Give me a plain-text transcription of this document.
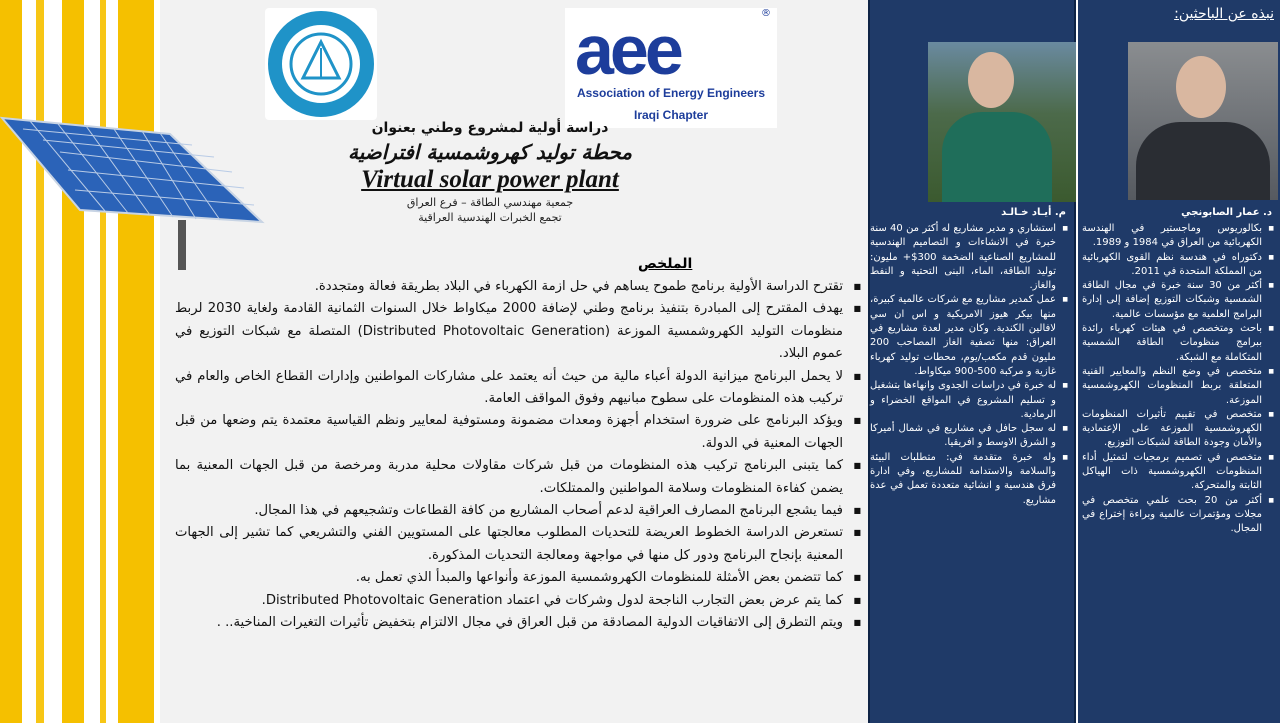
aee	®
Association of Energy Engineers
Iraqi Chapter
دراسة أولية لمشروع وطني بعنوان
محطة توليد كهروشمسية افتراضية
Virtual solar power plant
جمعية مهندسي الطاقة – فرع العراق
تجمع الخبرات الهندسية العراقية
الملخص
■ تقترح الدراسة الأولية برنامج طموح يساهم في حل ازمة الكهرباء في البلاد بطريقة فعالة ومتجددة.
■ يهدف المقترح إلى المبادرة بتنفيذ برنامج وطني لإضافة 2000 ميكاواط خلال السنوات الثمانية القادمة ولغاية 2030 لربط منظومات التوليد الكهروشمسية الموزعة (Distributed Photovoltaic Generation) المتصلة مع شبكات التوزيع في عموم البلاد.
■ لا يحمل البرنامج ميزانية الدولة أعباء مالية من حيث أنه يعتمد على مشاركات المواطنين وإدارات القطاع الخاص والعام في تركيب هذه المنظومات على سطوح مبانيهم وفوق المواقف العامة.
■ ويؤكد البرنامج على ضرورة استخدام أجهزة ومعدات مضمونة ومستوفية لمعايير ونظم القياسية معتمدة يتم وضعها من قبل الجهات المعنية في الدولة.
■ كما يتبنى البرنامج تركيب هذه المنظومات من قبل شركات مقاولات محلية مدربة ومرخصة من قبل الجهات المعنية بما يضمن كفاءة المنظومات وسلامة المواطنين والممتلكات.
■ فيما يشجع البرنامج المصارف العراقية لدعم أصحاب المشاريع من كافة القطاعات وتشجيعهم في هذا المجال.
■ تستعرض الدراسة الخطوط العريضة للتحديات المطلوب معالجتها على المستويين الفني والتشريعي كما تشير إلى الجهات المعنية بإنجاح البرنامج ودور كل منها في مواجهة ومعالجة التحديات المذكورة.
■ كما تتضمن بعض الأمثلة للمنظومات الكهروشمسية الموزعة وأنواعها والمبدأ الذي تعمل به.
■ كما يتم عرض بعض التجارب الناجحة لدول وشركات في اعتماد Distributed Photovoltaic Generation.
■ ويتم التطرق إلى الاتفاقيات الدولية المصادقة من قبل العراق في مجال الالتزام بتخفيض تأثيرات التغيرات المناخية.. .
م. أيـاد خـالـد
■ استشاري و مدير مشاريع له أكثر من 40 سنة خبرة في الانشاءات و التصاميم الهندسية للمشاريع الصناعية الضخمة 300$+ مليون: توليد الطاقة، الماء، البنى التحتية و النفط والغاز.
■ عمل كمدير مشاريع مع شركات عالمية كبيرة، منها بيكر هيوز الامريكية و اس ان سي لافالين الكندية. وكان مدير لعدة مشاريع في العراق: منها تصفية الغاز المصاحب 200 مليون قدم مكعب/يوم، محطات توليد كهرباء غازية و مركبة 500-900 ميكاواط.
■ له خبرة في دراسات الجدوى وانهاءها بتشغيل و تسليم المشروع في المواقع الخضراء و الرمادية.
■ له سجل حافل في مشاريع في شمال أميركا و الشرق الاوسط و افريقيا.
■ وله خبرة متقدمة في: متطلبات البيئة والسلامة والاستدامة للمشاريع، وفي ادارة فرق هندسية و انشائية متعددة تعمل في عدة مشاريع.
نبذه عن الباحثين:
د. عمار الصابونجي
■ بكالوريوس وماجستير في الهندسة الكهربائية من العراق في 1984 و 1989.
■ دكتوراه في هندسة نظم القوى الكهربائية من المملكة المتحدة في 2011.
■ أكثر من 30 سنة خبرة في مجال الطاقة الشمسية وشبكات التوزيع إضافة إلى إدارة البرامج العلمية مع مؤسسات عالمية.
■ باحث ومتخصص في هيئات كهرباء رائدة ببرامج منظومات الطاقة الشمسية المتكاملة مع الشبكة.
■ متخصص في وضع النظم والمعايير الفنية المتعلقة بربط المنظومات الكهروشمسية الموزعة.
■ متخصص في تقييم تأثيرات المنظومات الكهروشمسية الموزعة على الإعتمادية والأمان وجودة الطاقة لشبكات التوزيع.
■ متخصص في تصميم برمجيات لتمثيل أداء المنظومات الكهروشمسية ذات الهياكل الثابتة والمتحركة.
■ أكثر من 20 بحث علمي متخصص في مجلات ومؤتمرات عالمية وبراءة إختراع في المجال.
